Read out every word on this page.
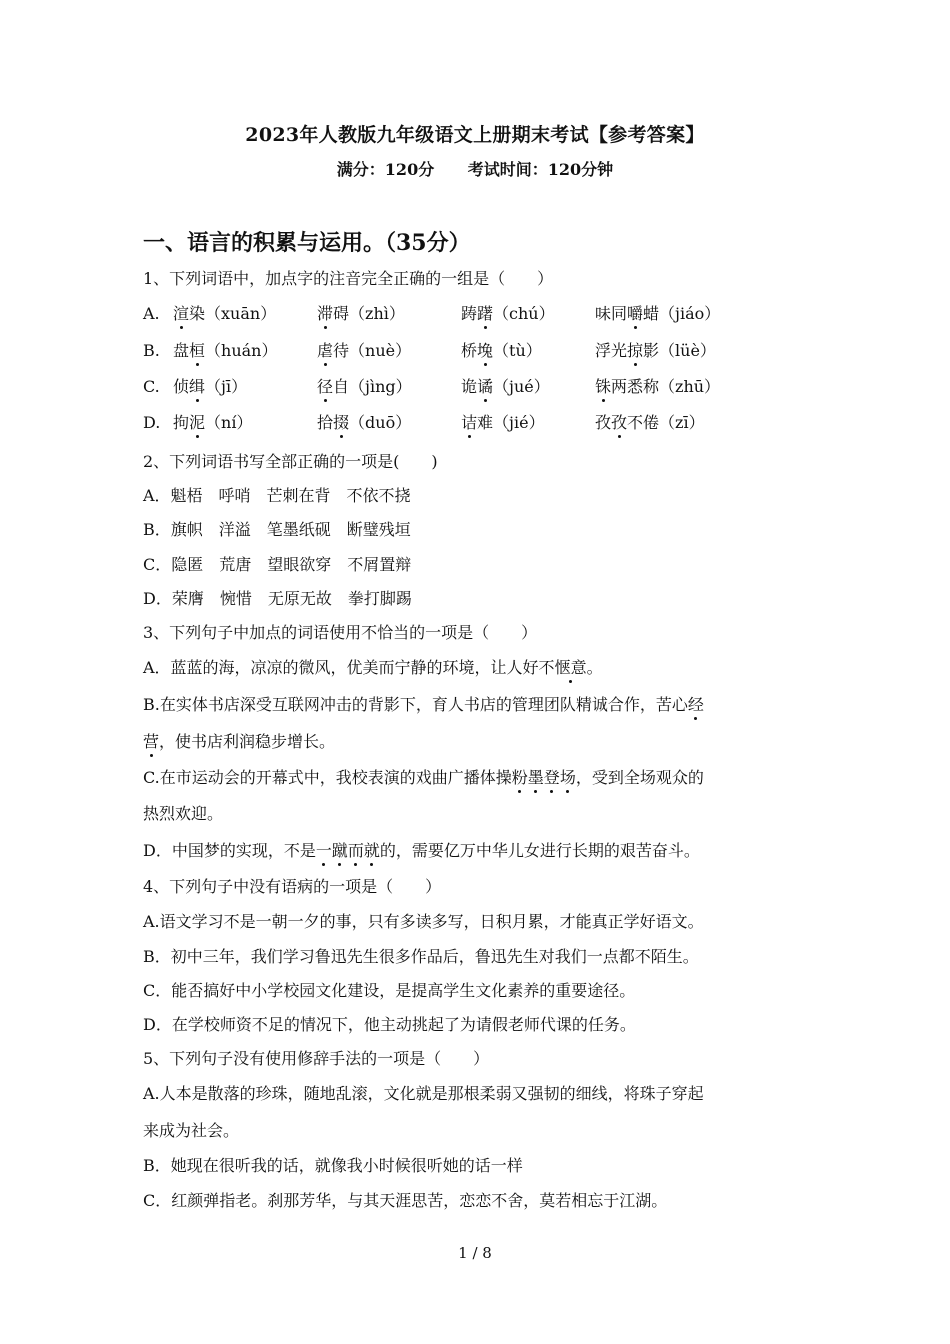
2023年人教版九年级语文上册期末考试【参考答案】
满分：120分 考试时间：120分钟
一、语言的积累与运用。（35分）
1、下列词语中，加点字的注音完全正确的一组是（　　）
A. 渲染（xuān）	滞碍（zhì）	踌躇（chú）	味同嚼蜡（jiáo）
B. 盘桓（huán） 虐待（nuè）	桥堍（tù）	浮光掠影（lüè）
C. 侦缉（jī）	径自（jìng）	诡谲（jué）	铢两悉称（zhū）
D. 拘泥（ní）	拾掇（duō）	诘难（jié）	孜孜不倦（zī）
2、下列词语书写全部正确的一项是(　　)
A．魁梧　呼哨　芒刺在背　不依不挠
B．旗帜　洋溢　笔墨纸砚　断璧残垣
C．隐匿　荒唐　望眼欲穿　不屑置辩
D．荣膺　惋惜　无原无故　拳打脚踢
3、下列句子中加点的词语使用不恰当的一项是（　　）
A．蓝蓝的海，凉凉的微风，优美而宁静的环境，让人好不惬意。
B.在实体书店深受互联网冲击的背影下，育人书店的管理团队精诚合作，苦心经
营，使书店利润稳步增长。
C.在市运动会的开幕式中，我校表演的戏曲广播体操粉墨登场，受到全场观众的
热烈欢迎。
D．中国梦的实现，不是一蹴而就的，需要亿万中华儿女进行长期的艰苦奋斗。
4、下列句子中没有语病的一项是（　　）
A.语文学习不是一朝一夕的事，只有多读多写，日积月累，才能真正学好语文。
B．初中三年，我们学习鲁迅先生很多作品后，鲁迅先生对我们一点都不陌生。
C．能否搞好中小学校园文化建设，是提高学生文化素养的重要途径。
D．在学校师资不足的情况下，他主动挑起了为请假老师代课的任务。
5、下列句子没有使用修辞手法的一项是（　　）
A.人本是散落的珍珠，随地乱滚，文化就是那根柔弱又强韧的细线，将珠子穿起
来成为社会。
B．她现在很听我的话，就像我小时候很听她的话一样
C．红颜弹指老。刹那芳华，与其天涯思苦，恋恋不舍，莫若相忘于江湖。
1 / 8
